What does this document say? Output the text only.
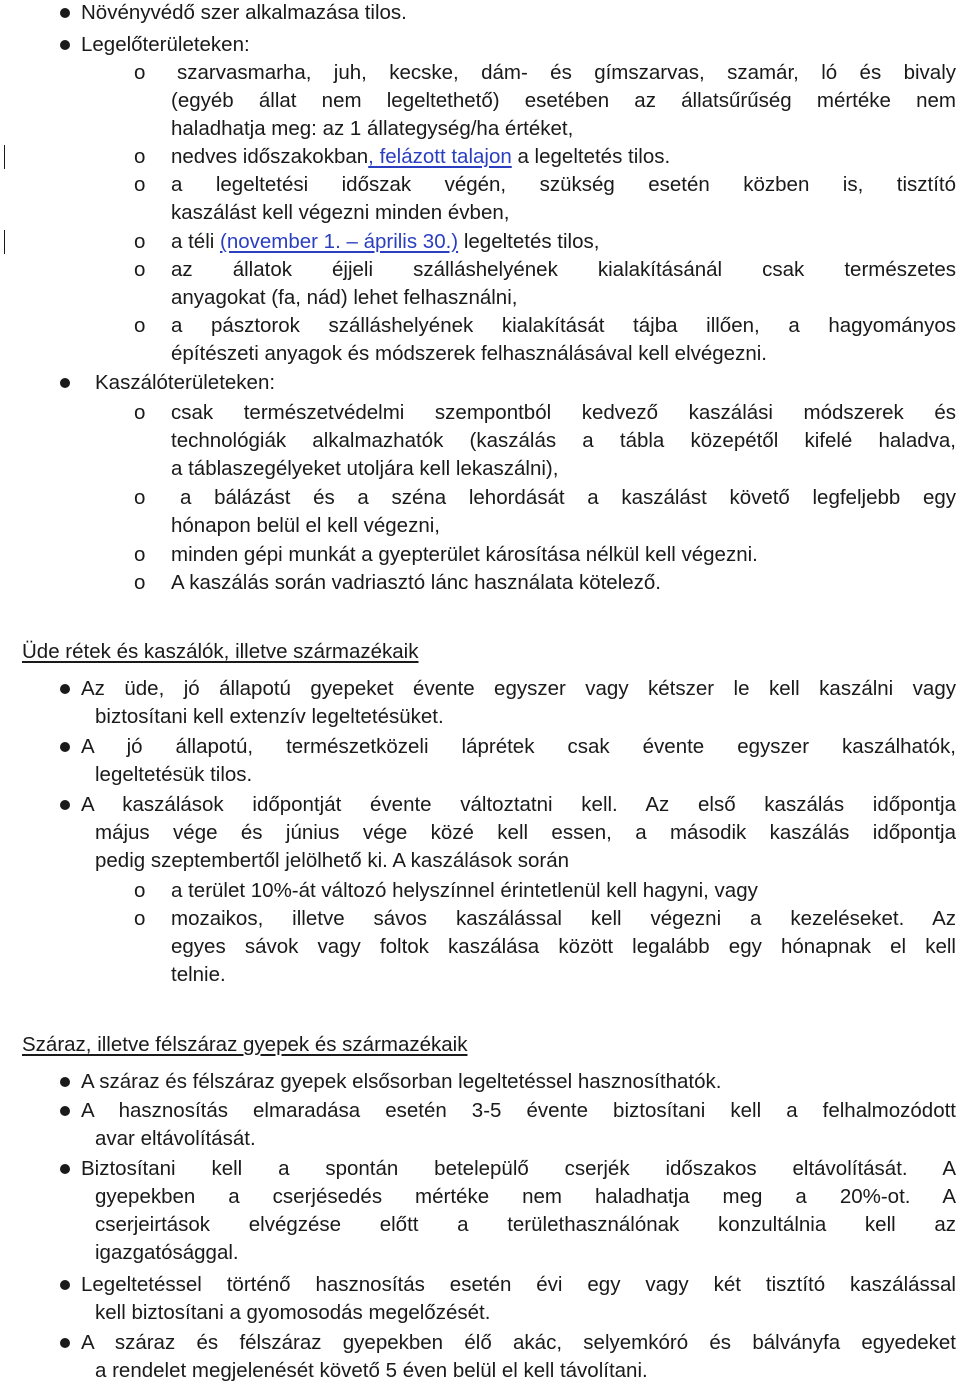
Növényvédő szer alkalmazása tilos.
Legelőterületeken:
o szarvasmarha, juh, kecske, dám- és gímszarvas, szamár, ló és bivaly
(egyéb állat nem legeltethető) esetében az állatsűrűség mértéke nem
haladhatja meg: az 1 állategység/ha értéket,
o nedves időszakokban, felázott talajon a legeltetés tilos.
o a legeltetési időszak végén, szükség esetén közben is, tisztító
kaszálást kell végezni minden évben,
o a téli (november 1. – április 30.) legeltetés tilos,
o az állatok éjjeli szálláshelyének kialakításánál csak természetes
anyagokat (fa, nád) lehet felhasználni,
o a pásztorok szálláshelyének kialakítását tájba illően, a hagyományos
építészeti anyagok és módszerek felhasználásával kell elvégezni.
Kaszálóterületeken:
o csak természetvédelmi szempontból kedvező kaszálási módszerek és
technológiák alkalmazhatók (kaszálás a tábla közepétől kifelé haladva,
a táblaszegélyeket utoljára kell lekaszálni),
o a bálázást és a széna lehordását a kaszálást követő legfeljebb egy
hónapon belül el kell végezni,
o minden gépi munkát a gyepterület károsítása nélkül kell végezni.
o A kaszálás során vadriasztó lánc használata kötelező.
Üde rétek és kaszálók, illetve származékaik
Az üde, jó állapotú gyepeket évente egyszer vagy kétszer le kell kaszálni vagy
biztosítani kell extenzív legeltetésüket.
A jó állapotú, természetközeli láprétek csak évente egyszer kaszálhatók,
legeltetésük tilos.
A kaszálások időpontját évente változtatni kell. Az első kaszálás időpontja
május vége és június vége közé kell essen, a második kaszálás időpontja
pedig szeptembertől jelölhető ki. A kaszálások során
o a terület 10%-át változó helyszínnel érintetlenül kell hagyni, vagy
o mozaikos, illetve sávos kaszálással kell végezni a kezeléseket. Az
egyes sávok vagy foltok kaszálása között legalább egy hónapnak el kell
telnie.
Száraz, illetve félszáraz gyepek és származékaik
A száraz és félszáraz gyepek elsősorban legeltetéssel hasznosíthatók.
A hasznosítás elmaradása esetén 3-5 évente biztosítani kell a felhalmozódott
avar eltávolítását.
Biztosítani kell a spontán betelepülő cserjék időszakos eltávolítását. A
gyepekben a cserjésedés mértéke nem haladhatja meg a 20%-ot. A
cserjeirtások elvégzése előtt a területhasználónak konzultálnia kell az
igazgatósággal.
Legeltetéssel történő hasznosítás esetén évi egy vagy két tisztító kaszálással
kell biztosítani a gyomosodás megelőzését.
A száraz és félszáraz gyepekben élő akác, selyemkóró és bálványfa egyedeket
a rendelet megjelenését követő 5 éven belül el kell távolítani.
